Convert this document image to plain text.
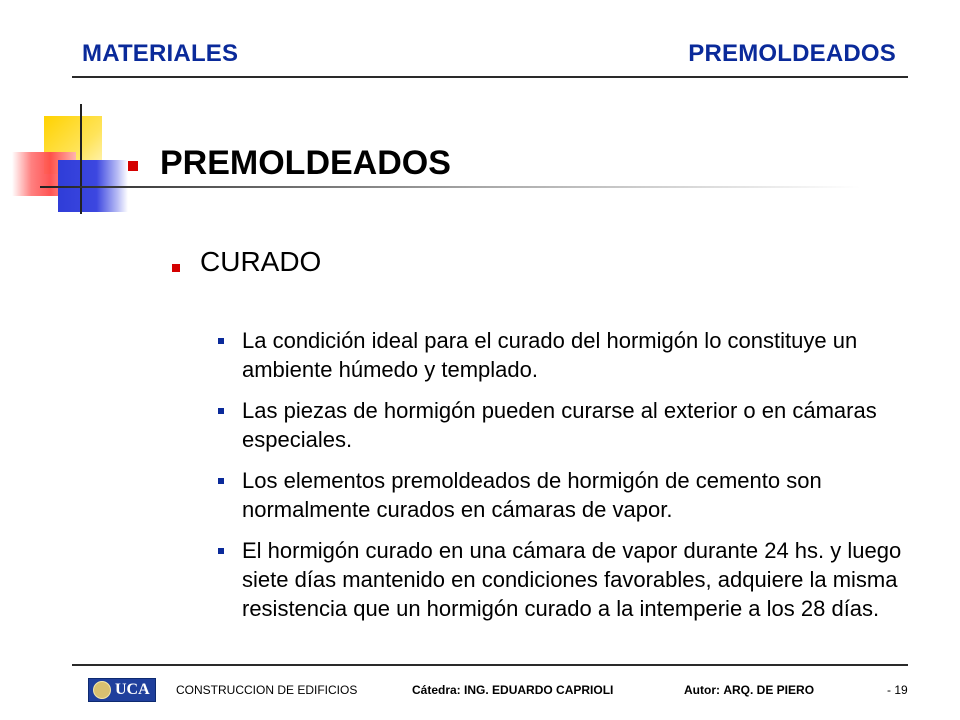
MATERIALES	PREMOLDEADOS
PREMOLDEADOS
CURADO
La condición ideal para el curado del hormigón lo constituye un ambiente húmedo y templado.
Las piezas de hormigón pueden curarse al exterior o en cámaras especiales.
Los elementos premoldeados de hormigón de cemento son normalmente curados en cámaras de vapor.
El hormigón curado en una cámara de vapor durante 24 hs. y luego siete días mantenido en condiciones favorables, adquiere la misma resistencia que un hormigón curado a la intemperie a los 28 días.
UCA CONSTRUCCION DE EDIFICIOS	Cátedra: ING. EDUARDO CAPRIOLI	Autor: ARQ. DE PIERO	- 19
